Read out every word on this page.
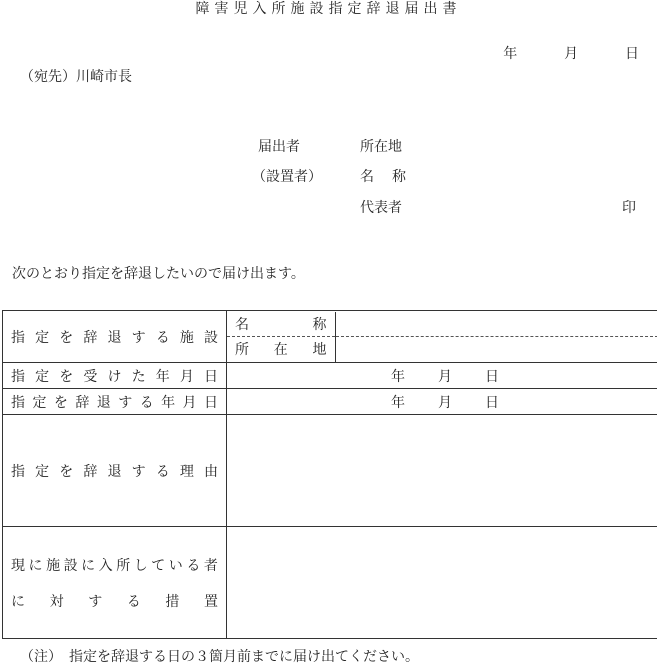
障害児入所施設指定辞退届出書
年	月	日
（宛先）川崎市長
届出者
（設置者）
所在地
名　称
代表者	印
次のとおり指定を辞退したいので届け出ます。
指 定 を 辞 退 す る 施 設

名	称

所 在 地

指 定 を 受 け た 年 月 日	年 月 日

指 定 を 辞 退 す る 年 月 日	年 月 日

指 定 を 辞 退 す る 理 由

現 に 施 設 に 入 所 し て い る 者
に 対 す る 措 置

（注）　指定を辞退する日の３箇月前までに届け出てください。
